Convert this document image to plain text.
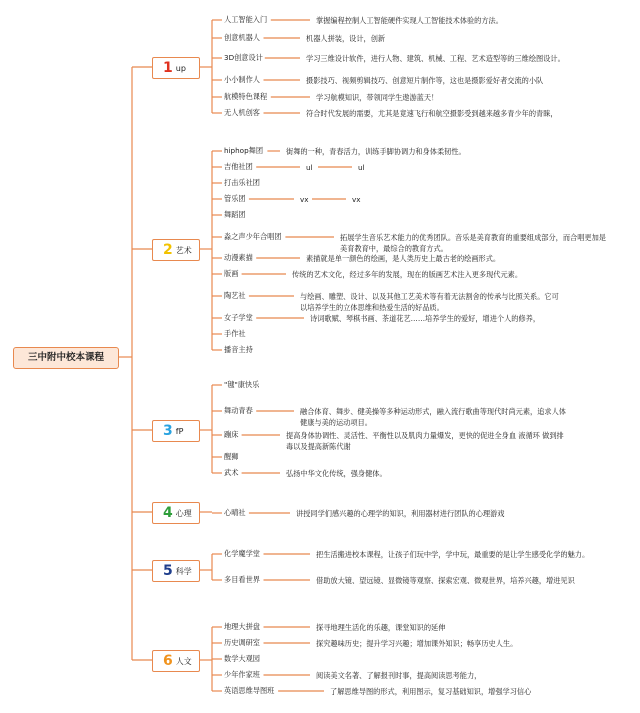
三中附中校本课程
1 up
人工智能入门	掌握编程控制人工智能硬件实现人工智能技术体验的方法。
创意机器人	机器人拼装，设计，创新
3D创意设计	学习三维设计软件，进行人物、建筑、机械、工程、艺术造型等的三维绘图设计。
小小制作人	摄影技巧、视频剪辑技巧、创意短片制作等，这也是摄影爱好者交流的小队
航模特色课程	学习航模知识，带领同学生遨游蓝天！
无人机创客	符合时代发展的需要，尤其是竟速飞行和航空摄影受到越来越多青少年的青睐，
2 艺术
hiphop舞团	街舞的一种，青春活力，训练手脚协调力和身体柔韧性。
吉他社团	ul	ul
打击乐社团
管乐团	vx	vx
舞蹈团
淼之声少年合唱团	拓展学生音乐艺术能力的优秀团队。音乐是美育教育的重要组成部分，而合唱更加是美育教育中，最综合的教育方式。
动漫素描	素描就是单一颜色的绘画，是人类历史上最古老的绘画形式。
版画	传统的艺术文化，经过多年的发展，现在的版画艺术注入更多现代元素。
陶艺社	与绘画、雕塑、设计、以及其他工艺美术等有着无法割舍的传承与比照关系。它可以培养学生的立体思维和热爱生活的好品质。
女子学堂	诗词歌赋、琴棋书画、茶道花艺……培养学生的爱好，增进个人的修养，
手作社
播音主持
3 fP
"毽"康快乐
舞动青春	融合体育、舞步、健美操等多种运动形式，融入流行歌曲等现代时尚元素，追求人体健康与美的运动项目。
蹦床	提高身体协调性、灵活性、平衡性以及肌肉力量爆发，更快的促进全身血 液循环 做到排毒以及提高新陈代谢
醒狮
武术	弘扬中华文化传统，强身健体。
4 心理	心晴社	讲授同学们感兴趣的心理学的知识，利用器材进行团队的心理游戏
5 科学
化学魔学堂	把生活搬进校本课程，让孩子们玩中学，学中玩，最重要的是让学生感受化学的魅力。
多目看世界	借助放大镜、望远镜、显微镜等观察、探索宏观、微观世界，培养兴趣，增进见识
6 人文
地理大拼盘	探寻地理生活化的乐趣，课堂知识的延伸
历史调研室	探究趣味历史；提升学习兴趣；增加课外知识；畅享历史人生。
数学大观园
少年作家班	阅读美文名著、了解报刊时事，提高阅读思考能力，
英语思维导图班	了解思维导图的形式，利用图示，复习基础知识，增强学习信心
